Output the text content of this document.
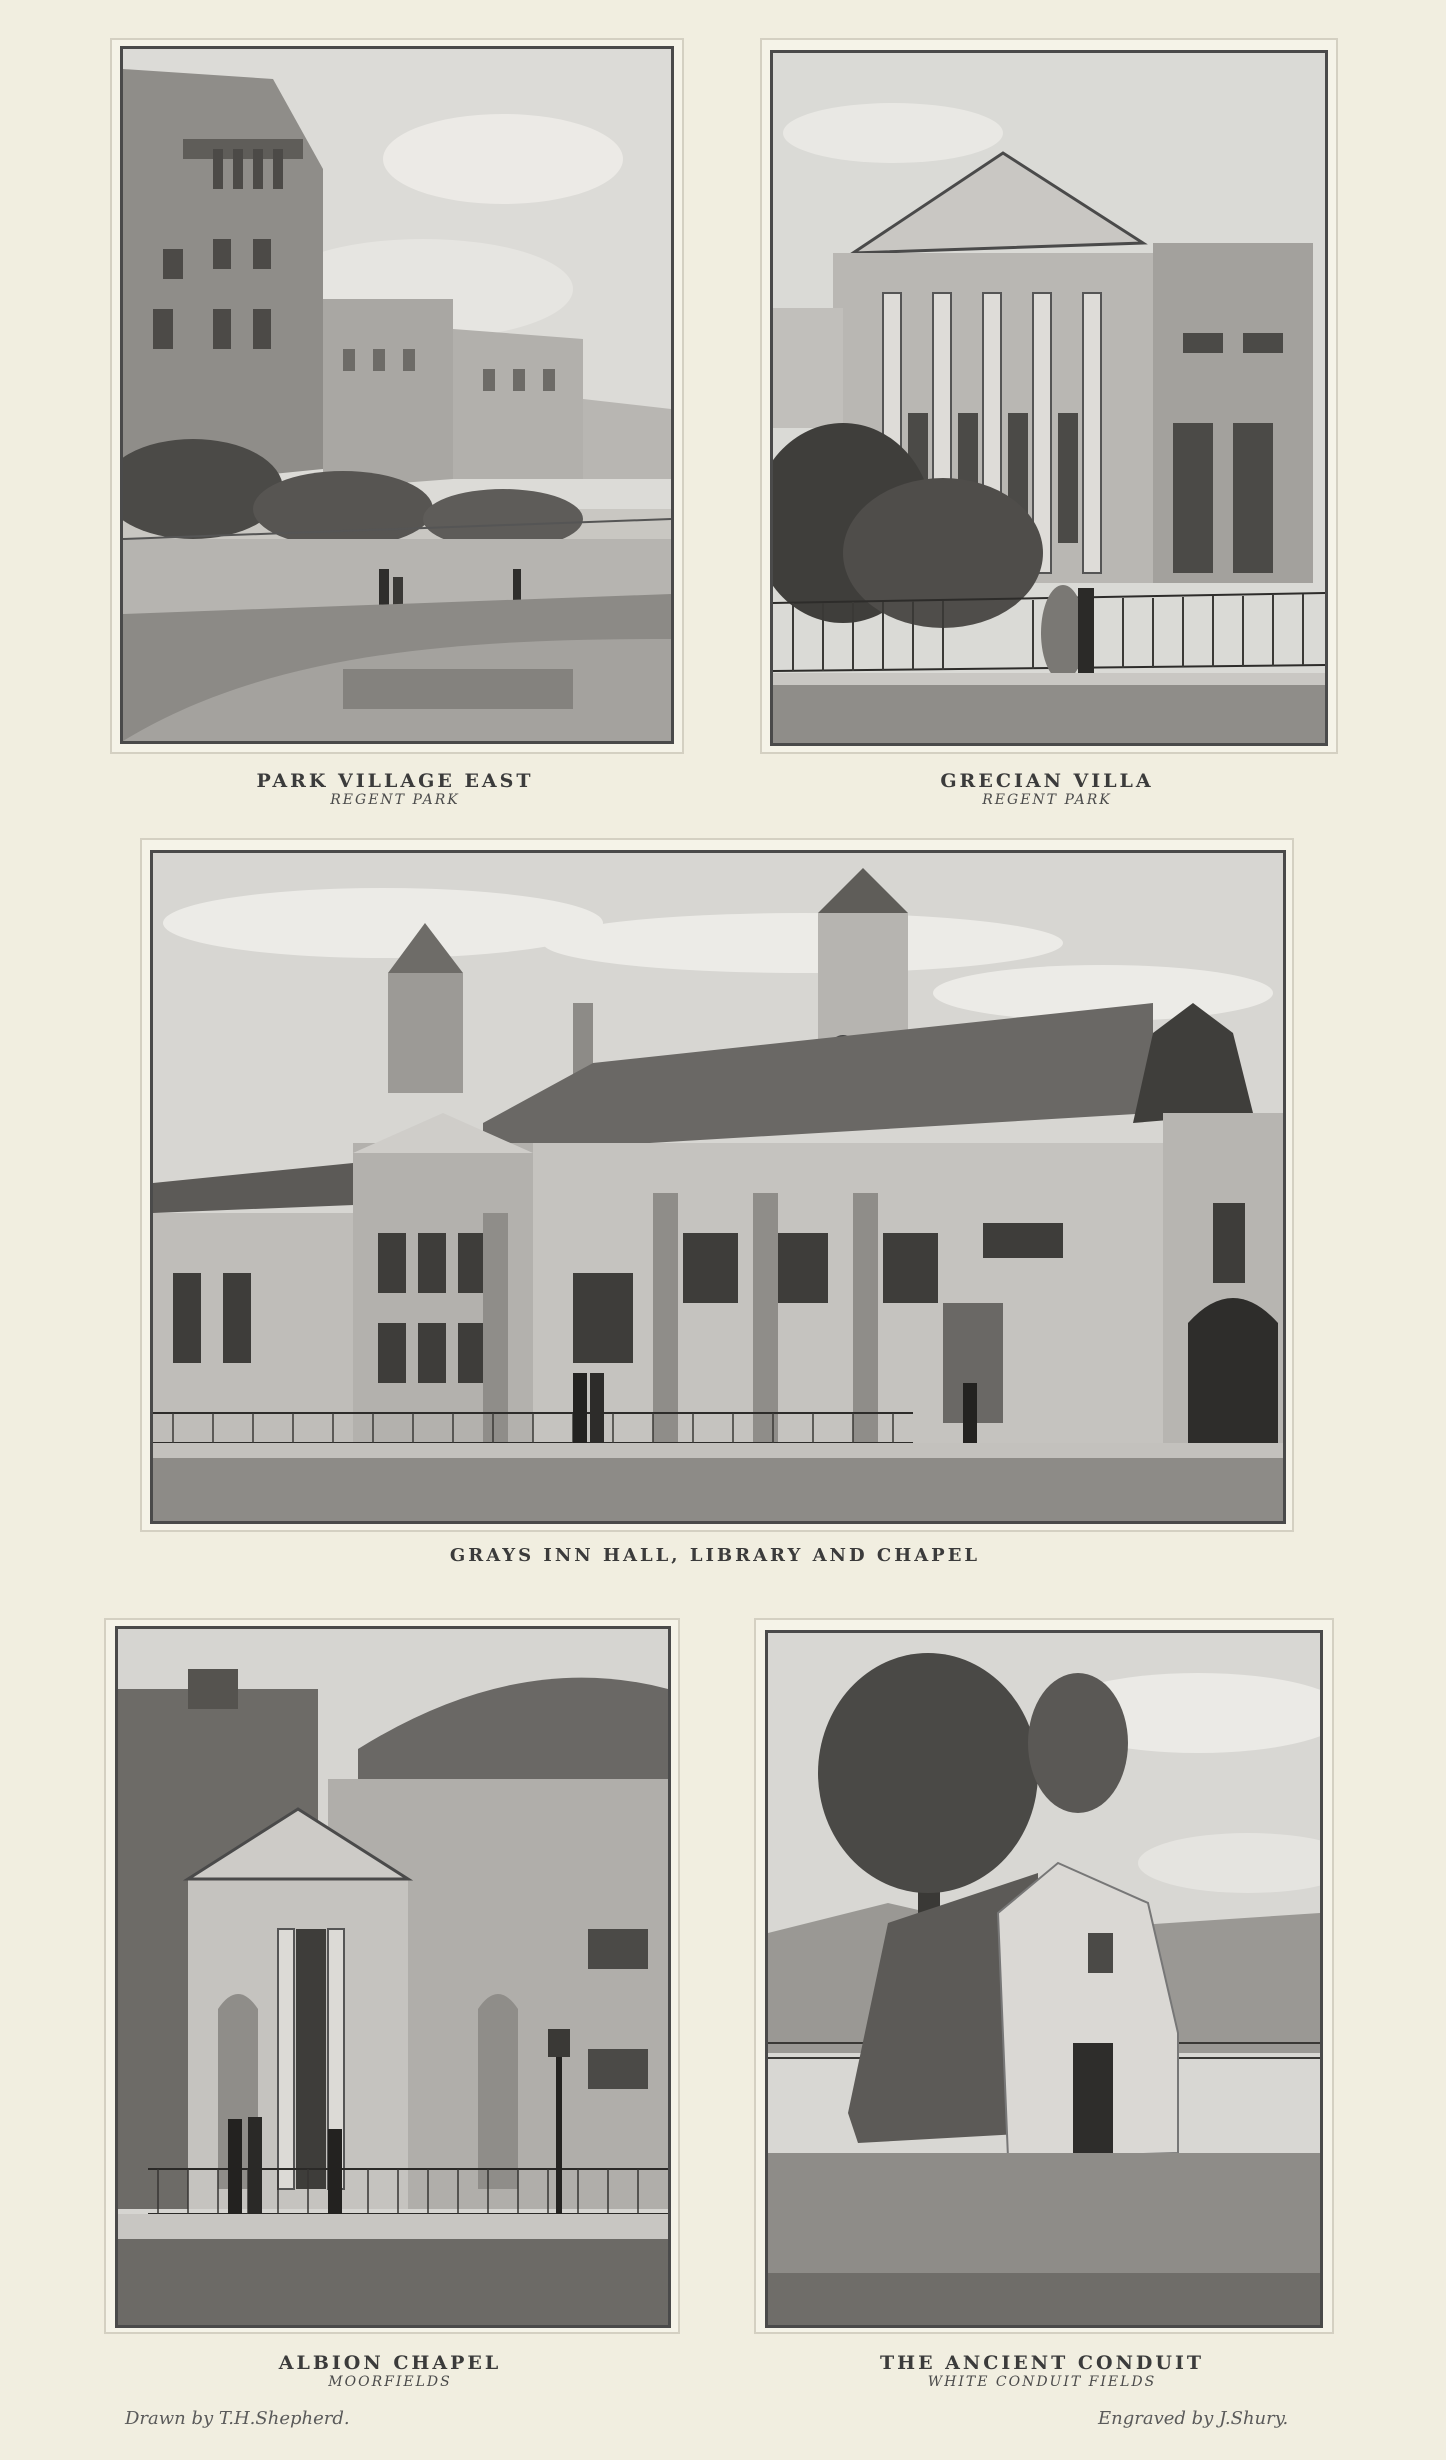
PARK VILLAGE EAST
REGENT PARK
GRECIAN VILLA
REGENT PARK
GRAYS INN HALL, LIBRARY AND CHAPEL
ALBION CHAPEL
MOORFIELDS
THE ANCIENT CONDUIT
WHITE CONDUIT FIELDS
Drawn by T.H.Shepherd.	Engraved by J.Shury.
